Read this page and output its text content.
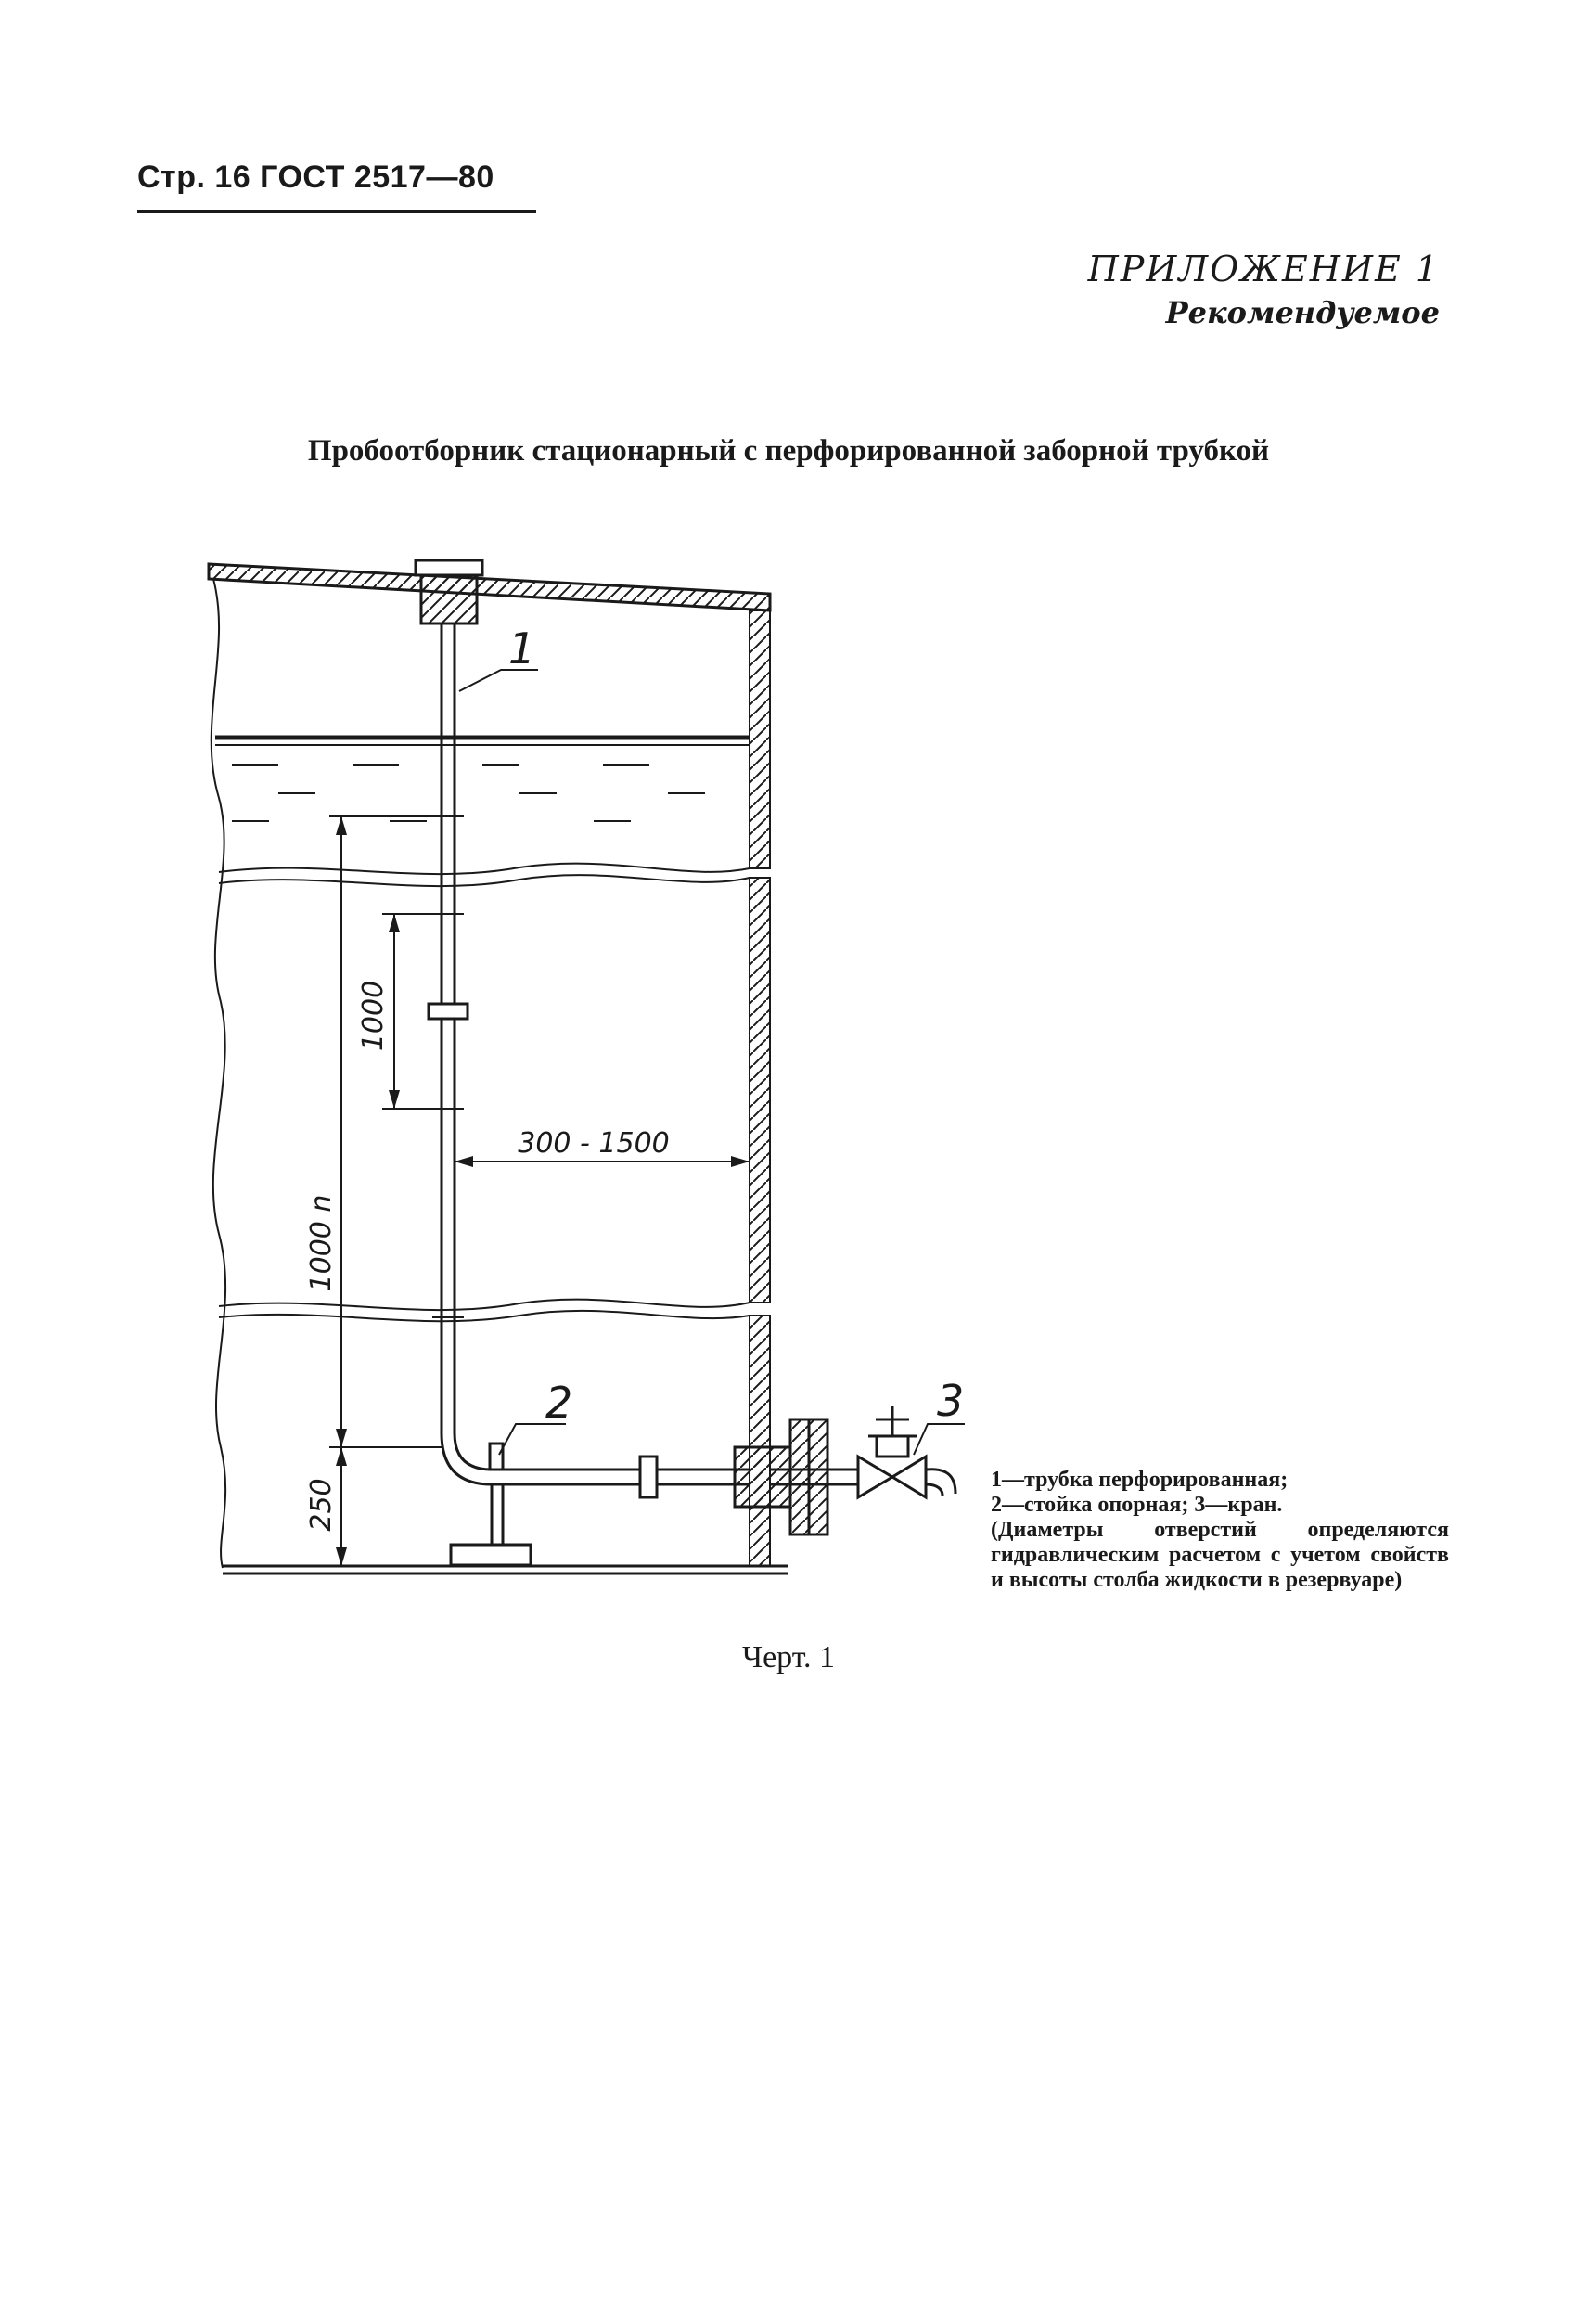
Стр. 16 ГОСТ 2517—80
ПРИЛОЖЕНИЕ 1
Рекомендуемое
Пробоотборник стационарный с перфорированной заборной трубкой
1000 n
1000
250
300 - 1500
1
2	3
1—трубка перфорированная;
2—стойка опорная; 3—кран.
(Диаметры отверстий определяются гидравлическим расчетом с учетом свойств и высоты столба жидкости в резервуаре)
Черт. 1
